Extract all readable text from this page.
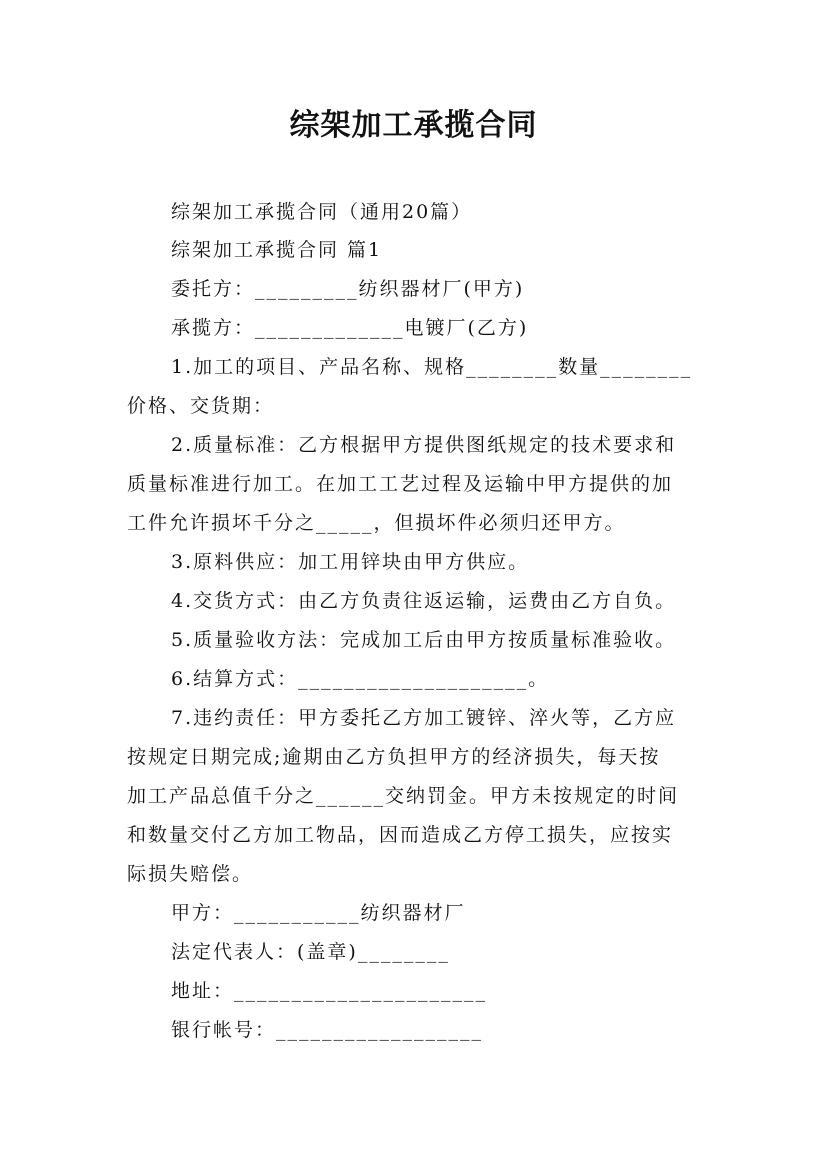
综架加工承揽合同
综架加工承揽合同（通用20篇）
综架加工承揽合同 篇1
委托方：_________纺织器材厂(甲方)
承揽方：_____________电镀厂(乙方)
1.加工的项目、产品名称、规格________数量________
价格、交货期：
2.质量标准：乙方根据甲方提供图纸规定的技术要求和
质量标准进行加工。在加工工艺过程及运输中甲方提供的加
工件允许损坏千分之_____，但损坏件必须归还甲方。
3.原料供应：加工用锌块由甲方供应。
4.交货方式：由乙方负责往返运输，运费由乙方自负。
5.质量验收方法：完成加工后由甲方按质量标准验收。
6.结算方式：____________________。
7.违约责任：甲方委托乙方加工镀锌、淬火等，乙方应
按规定日期完成;逾期由乙方负担甲方的经济损失，每天按
加工产品总值千分之______交纳罚金。甲方未按规定的时间
和数量交付乙方加工物品，因而造成乙方停工损失，应按实
际损失赔偿。
甲方：___________纺织器材厂
法定代表人：(盖章)________
地址：______________________
银行帐号：__________________
